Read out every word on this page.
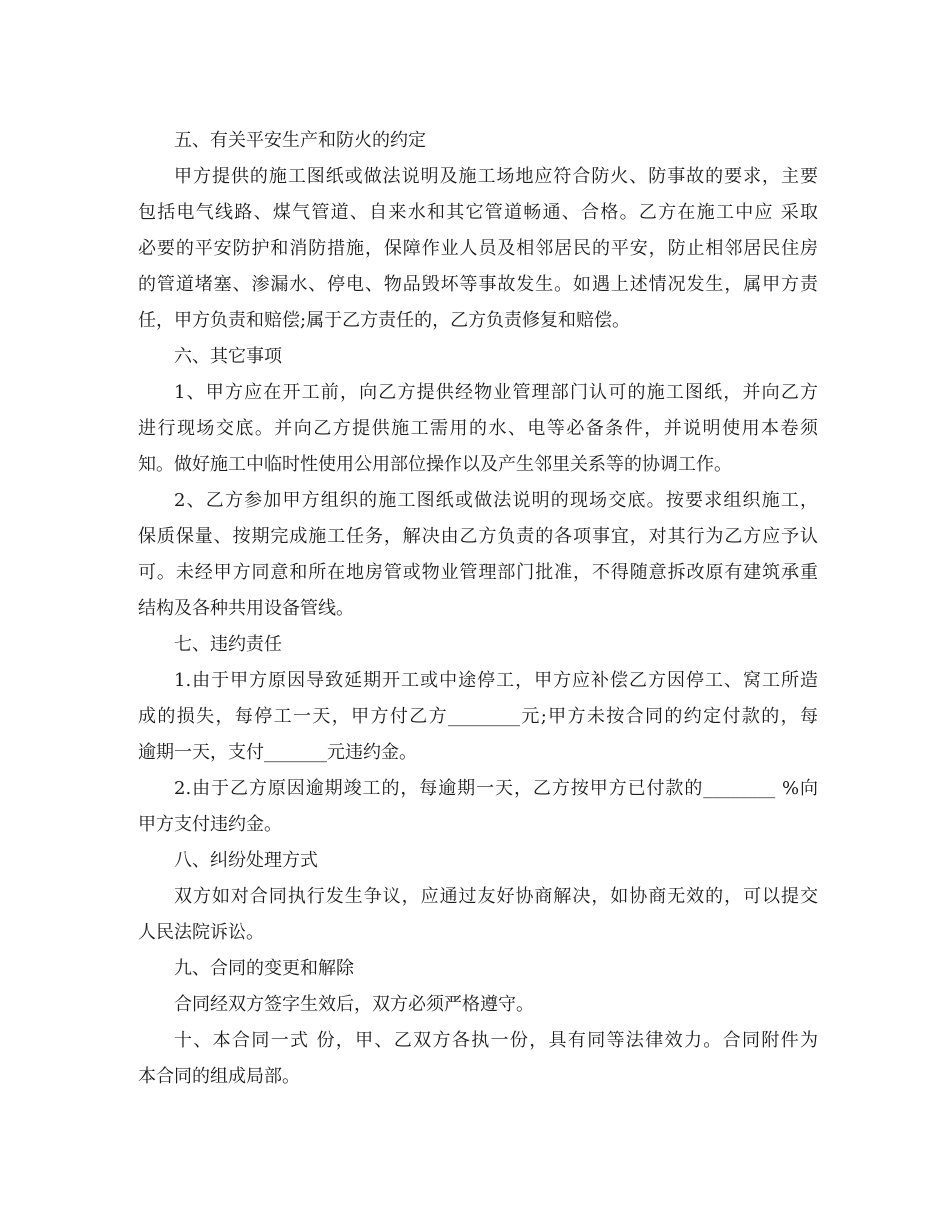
五、有关平安生产和防火的约定
甲方提供的施工图纸或做法说明及施工场地应符合防火、防事故的要求，主要
包括电气线路、煤气管道、自来水和其它管道畅通、合格。乙方在施工中应 采取
必要的平安防护和消防措施，保障作业人员及相邻居民的平安，防止相邻居民住房
的管道堵塞、渗漏水、停电、物品毁坏等事故发生。如遇上述情况发生，属甲方责
任，甲方负责和赔偿;属于乙方责任的，乙方负责修复和赔偿。
六、其它事项
1、甲方应在开工前，向乙方提供经物业管理部门认可的施工图纸，并向乙方
进行现场交底。并向乙方提供施工需用的水、电等必备条件，并说明使用本卷须
知。做好施工中临时性使用公用部位操作以及产生邻里关系等的协调工作。
2、乙方参加甲方组织的施工图纸或做法说明的现场交底。按要求组织施工，
保质保量、按期完成施工任务，解决由乙方负责的各项事宜，对其行为乙方应予认
可。未经甲方同意和所在地房管或物业管理部门批准，不得随意拆改原有建筑承重
结构及各种共用设备管线。
七、违约责任
1.由于甲方原因导致延期开工或中途停工，甲方应补偿乙方因停工、窝工所造
成的损失，每停工一天，甲方付乙方________元;甲方未按合同的约定付款的，每
逾期一天，支付_______元违约金。
2.由于乙方原因逾期竣工的，每逾期一天，乙方按甲方已付款的________ %向
甲方支付违约金。
八、纠纷处理方式
双方如对合同执行发生争议，应通过友好协商解决，如协商无效的，可以提交
人民法院诉讼。
九、合同的变更和解除
合同经双方签字生效后，双方必须严格遵守。
十、本合同一式 份，甲、乙双方各执一份，具有同等法律效力。合同附件为
本合同的组成局部。
